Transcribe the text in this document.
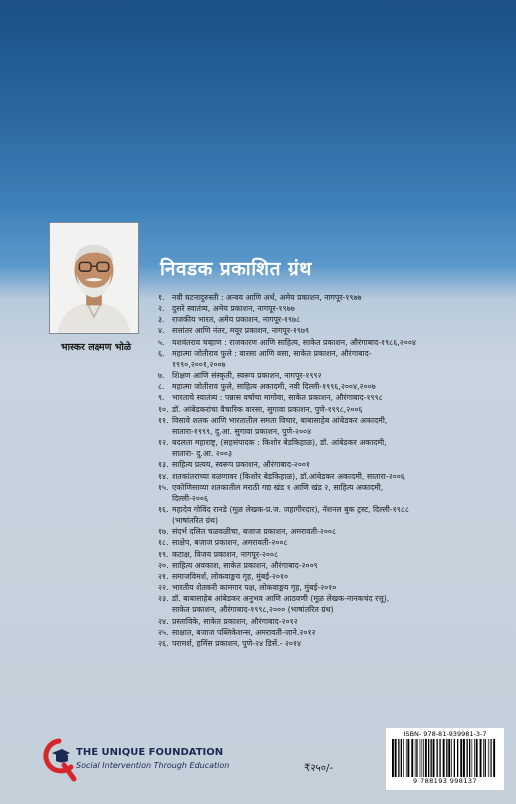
भास्कर लक्ष्मण भोळे
निवडक प्रकाशित ग्रंथ
१. नवी घटनादुरुस्ती : अन्वय आणि अर्थ, अमेय प्रकाशन, नागपूर-१९७७
२. दुसरे स्वातंत्र्य, अमेय प्रकाशन, नागपूर-१९७७
३. राजकीय भारत, अमेय प्रकाशन, नागपूर-१९७८
४. सत्तांतर आणि नंतर, मयूर प्रकाशन, नागपूर-१९७९
५. यशवंतराव चव्हाण : राजकारण आणि साहित्य, साकेत प्रकाशन, औरंगाबाद-१९८६,२००४
६. महात्मा जोतीराव फुले : वारसा आणि वसा, साकेत प्रकाशन, औरंगाबाद-
१९९०,२००१,२००७
७. शिक्षण आणि संस्कृती, स्वरूप प्रकाशन, नागपूर-१९९२
८. महात्मा जोतीराव फुले, साहित्य अकादमी, नवी दिल्ली-१९९६,२००४,२००७
९. भारताचे स्वातंत्र्य : पन्नास वर्षाचा मागोवा, साकेत प्रकाशन, औरंगाबाद-१९९८
१०. डॉ. आंबेडकरांचा वैचारिक वारसा, सुगावा प्रकाशन, पुणे-१९९८,२००६
११. विसावे शतक आणि भारतातील समता विचार, बाबासाहेब आंबेडकर अकादमी,
सातारा-१९९९, दु.आ. सुगावा प्रकाशन, पुणे-२००४
१२. बदलता महाराष्ट्र, (सहसंपादक : किशोर बेडकिहाळ), डॉ. आंबेडकर अकादमी,
सातारा- दु.आ. २००३
१३. साहित्य प्रत्यय, स्वरूप प्रकाशन, औरंगाबाद-२००१
१४. शतकांतराच्या वळणावर (किशोर बेडकिहाळ), डॉ.आंबेडकर अकादमी, सातारा-२००६
१५. एकोणिसाव्या शतकातील मराठी गद्य खंड १ आणि खंड २, साहित्य अकादमी,
दिल्ली-२००६
१६. महादेव गोविंद रानडे (मूळ लेखक-प्र.ज. जहागीरदार), नॅशनल बुक ट्रस्ट, दिल्ली-१९८८
(भाषांतरित ग्रंथ)
१७. संदर्भ दलित चळवळीचा, बजाज प्रकाशन, अमरावती-२००८
१८. साक्षेप, बजाज प्रकाशन, अमरावती-२००८
१९. कटाक्ष, विजय प्रकाशन, नागपूर-२००८
२०. साहित्य अवकाश, साकेत प्रकाशन, औरंगाबाद-२००९
२१. समाजविमर्श, लोकवाङ्मय गृह, मुंबई-२०१०
२२. भारतीय शेतकरी कामगार पक्ष, लोकवाङ्मय गृह, मुंबई-२०१०
२३. डॉ. बाबासाहेब आंबेडकर अनुभव आणि आठवणी (मूळ लेखक-नानकचंद रत्तू),
साकेत प्रकाशन, औरंगाबाद-१९९८,२००० (भाषांतरित ग्रंथ)
२४. प्रस्ताविके, साकेत प्रकाशन, औरंगाबाद-२०१२
२५. साक्षात, बजाज पब्लिकेशन्स, अमरावती-जाने.२०१२
२६. परामर्श, हर्मिस प्रकाशन, पुणे-२४ डिसें.- २०१४
THE UNIQUE FOUNDATION
Social Intervention Through Education	₹२५०/-
ISBN- 978-81-939981-3-7
9 788193 998137
